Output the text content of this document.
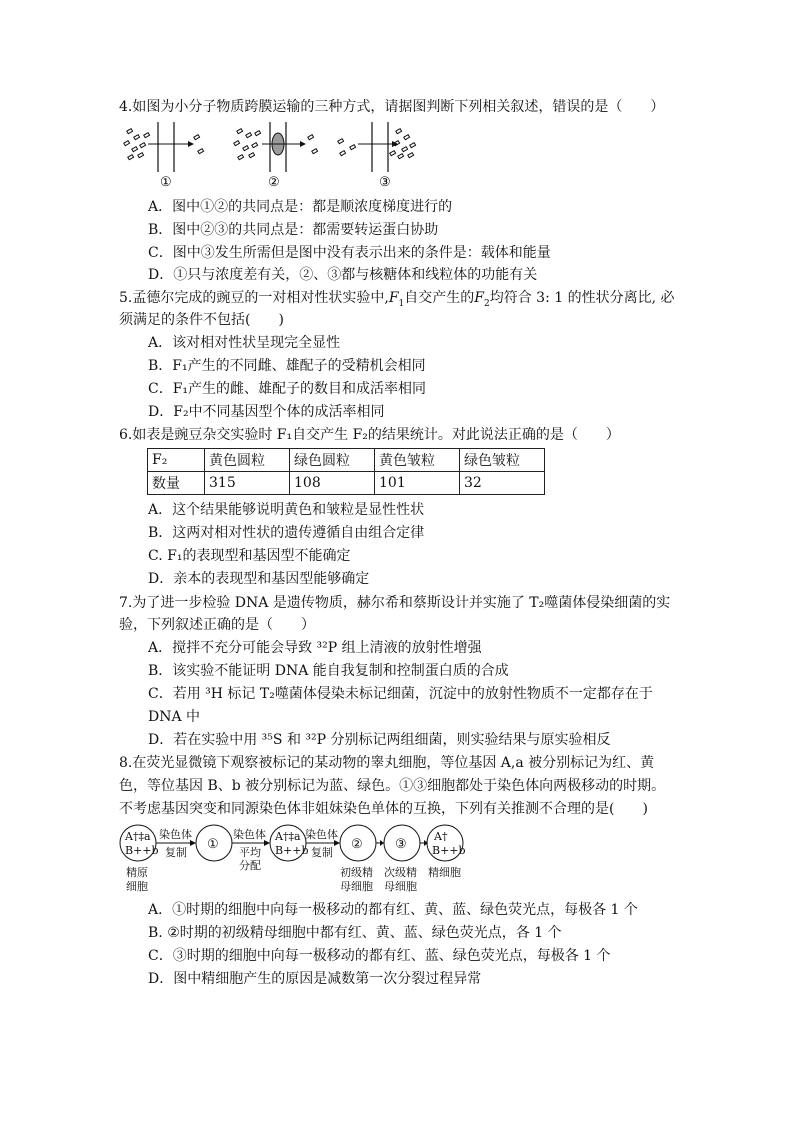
4.如图为小分子物质跨膜运输的三种方式，请据图判断下列相关叙述，错误的是（　　）
①	②	③
A．图中①②的共同点是：都是顺浓度梯度进行的
B．图中②③的共同点是：都需要转运蛋白协助
C．图中③发生所需但是图中没有表示出来的条件是：载体和能量
D．①只与浓度差有关，②、③都与核糖体和线粒体的功能有关
5.孟德尔完成的豌豆的一对相对性状实验中$,F_1$自交产生的$F_2$均符合 3: 1 的性状分离比, 必
须满足的条件不包括(　　)
A．该对相对性状呈现完全显性
B．F₁产生的不同雌、雄配子的受精机会相同
C．F₁产生的雌、雄配子的数目和成活率相同
D．F₂中不同基因型个体的成活率相同
6.如表是豌豆杂交实验时 F₁自交产生 F₂的结果统计。对此说法正确的是（　　）
F₂	黄色圆粒	绿色圆粒	黄色皱粒	绿色皱粒
数量	315	108	101	32
A．这个结果能够说明黄色和皱粒是显性性状
B．这两对相对性状的遗传遵循自由组合定律
C. F₁的表现型和基因型不能确定
D．亲本的表现型和基因型能够确定
7.为了进一步检验 DNA 是遗传物质，赫尔希和蔡斯设计并实施了 T₂噬菌体侵染细菌的实
验，下列叙述正确的是（　　）
A．搅拌不充分可能会导致 ³²P 组上清液的放射性增强
B．该实验不能证明 DNA 能自我复制和控制蛋白质的合成
C．若用 ³H 标记 T₂噬菌体侵染未标记细菌，沉淀中的放射性物质不一定都存在于
DNA 中
D．若在实验中用 ³⁵S 和 ³²P 分别标记两组细菌，则实验结果与原实验相反
8.在荧光显微镜下观察被标记的某动物的睾丸细胞，等位基因 A,a 被分别标记为红、黄
色，等位基因 B、b 被分别标记为蓝、绿色。①③细胞都处于染色体向两极移动的时期。
不考虑基因突变和同源染色体非姐妹染色单体的互换，下列有关推测不合理的是(　　)
A†‡a
B++b
精原
细胞
染色体
复制
①
染色体
平均
分配
A†‡a
B++b
染色体
复制
②
初级精
母细胞
③
次级精
母细胞
A†
B++b
精细胞
A．①时期的细胞中向每一极移动的都有红、黄、蓝、绿色荧光点，每极各 1 个
B. ②时期的初级精母细胞中都有红、黄、蓝、绿色荧光点，各 1 个
C．③时期的细胞中向每一极移动的都有红、蓝、绿色荧光点，每极各 1 个
D．图中精细胞产生的原因是减数第一次分裂过程异常
